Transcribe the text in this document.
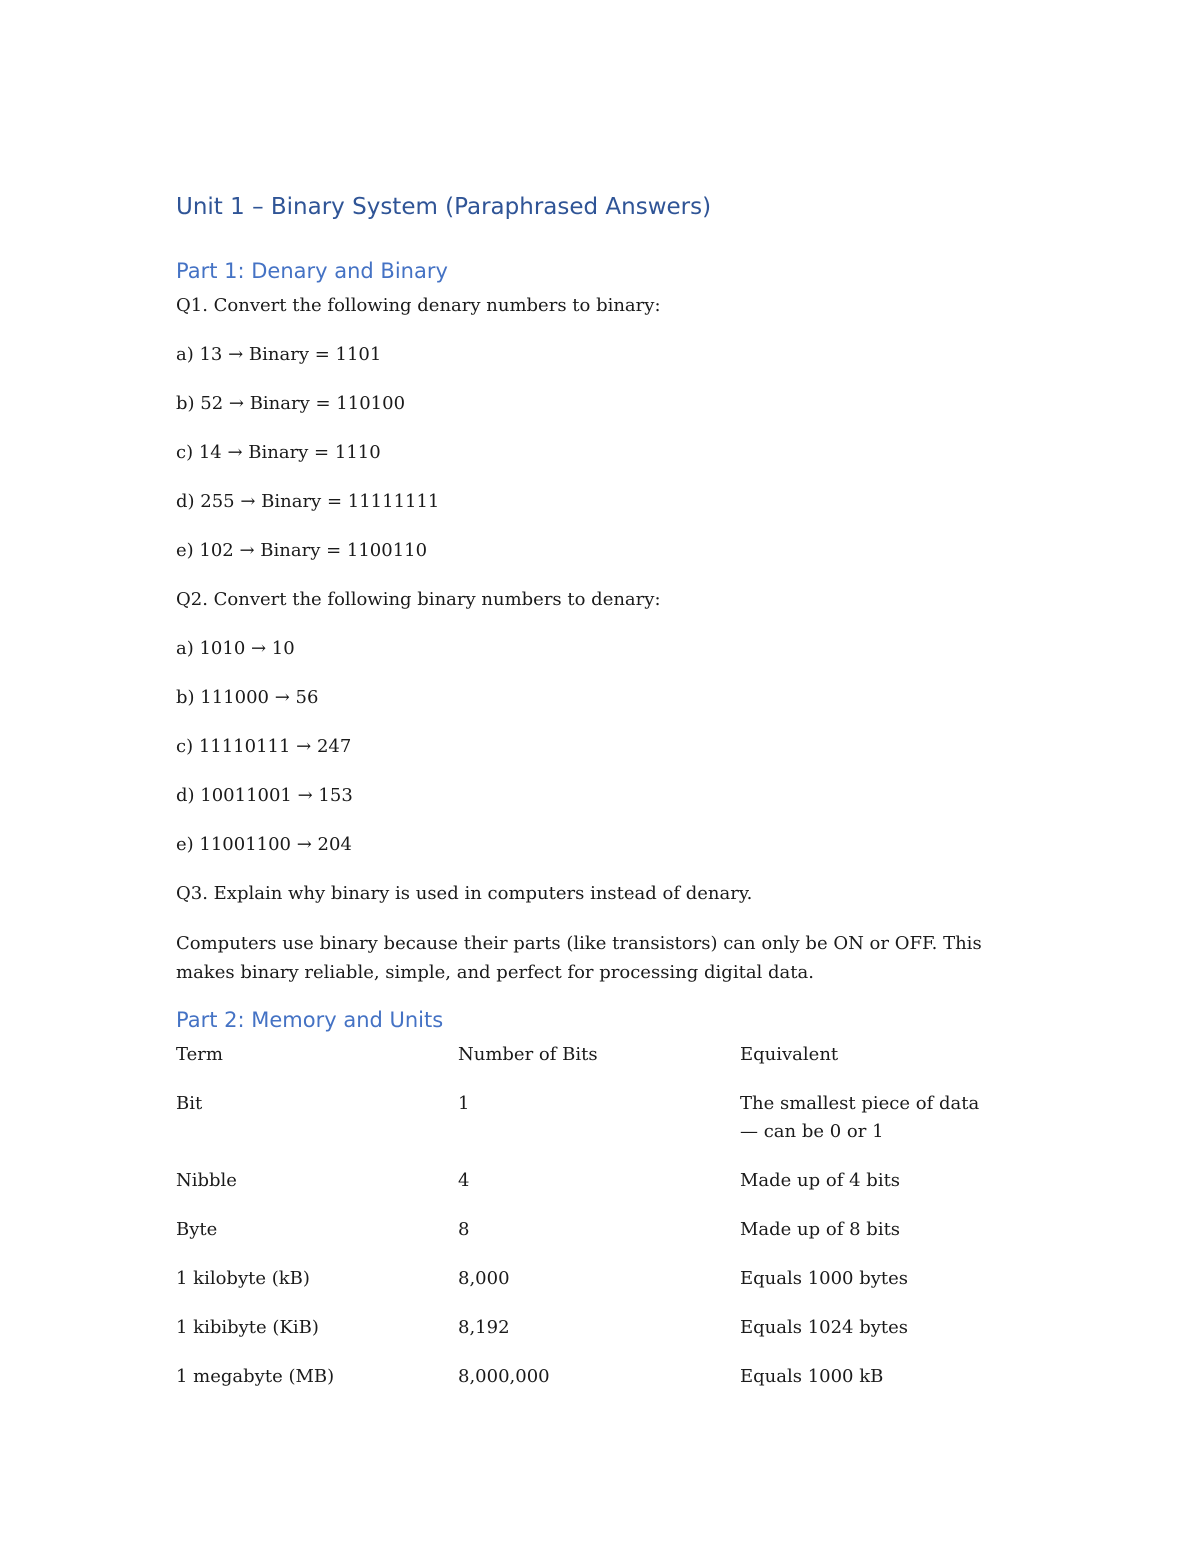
Unit 1 – Binary System (Paraphrased Answers)
Part 1: Denary and Binary
Q1. Convert the following denary numbers to binary:
a) 13 → Binary = 1101
b) 52 → Binary = 110100
c) 14 → Binary = 1110
d) 255 → Binary = 11111111
e) 102 → Binary = 1100110
Q2. Convert the following binary numbers to denary:
a) 1010 → 10
b) 111000 → 56
c) 11110111 → 247
d) 10011001 → 153
e) 11001100 → 204
Q3. Explain why binary is used in computers instead of denary.
Computers use binary because their parts (like transistors) can only be ON or OFF. This makes binary reliable, simple, and perfect for processing digital data.
Part 2: Memory and Units
Term	Number of Bits	Equivalent
Bit	1	The smallest piece of data — can be 0 or 1
Nibble	4	Made up of 4 bits
Byte	8	Made up of 8 bits
1 kilobyte (kB)	8,000	Equals 1000 bytes
1 kibibyte (KiB)	8,192	Equals 1024 bytes
1 megabyte (MB)	8,000,000	Equals 1000 kB
